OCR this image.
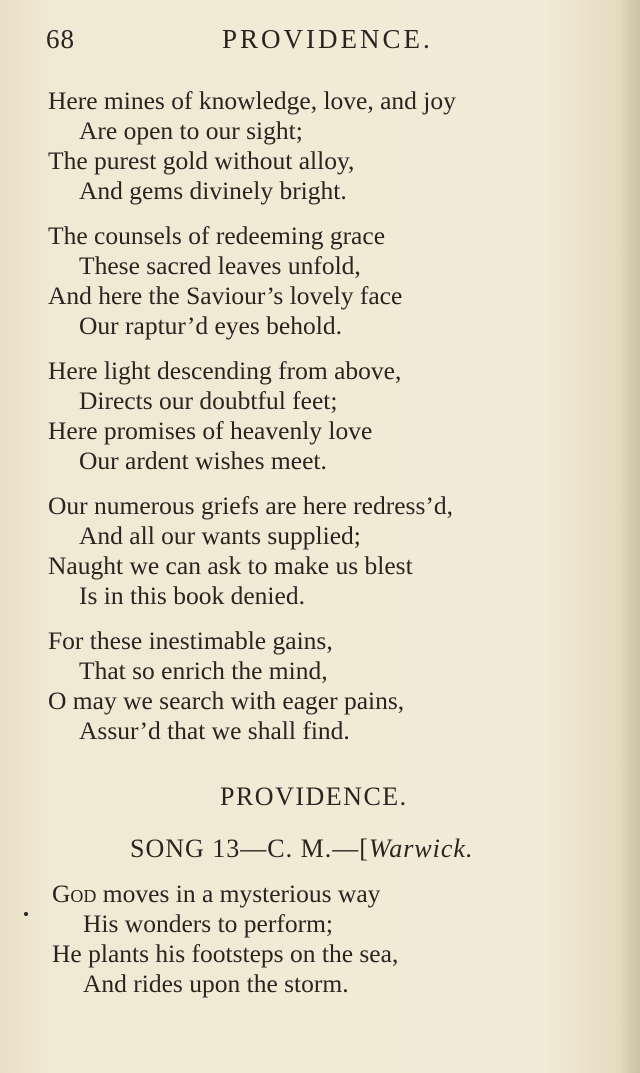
68	PROVIDENCE.
Here mines of knowledge, love, and joy
Are open to our sight;
The purest gold without alloy,
And gems divinely bright.
The counsels of redeeming grace
These sacred leaves unfold,
And here the Saviour’s lovely face
Our raptur’d eyes behold.
Here light descending from above,
Directs our doubtful feet;
Here promises of heavenly love
Our ardent wishes meet.
Our numerous griefs are here redress’d,
And all our wants supplied;
Naught we can ask to make us blest
Is in this book denied.
For these inestimable gains,
That so enrich the mind,
O may we search with eager pains,
Assur’d that we shall find.
PROVIDENCE.
SONG 13—C. M.—[Warwick.
God moves in a mysterious way
His wonders to perform;
He plants his footsteps on the sea,
And rides upon the storm.
